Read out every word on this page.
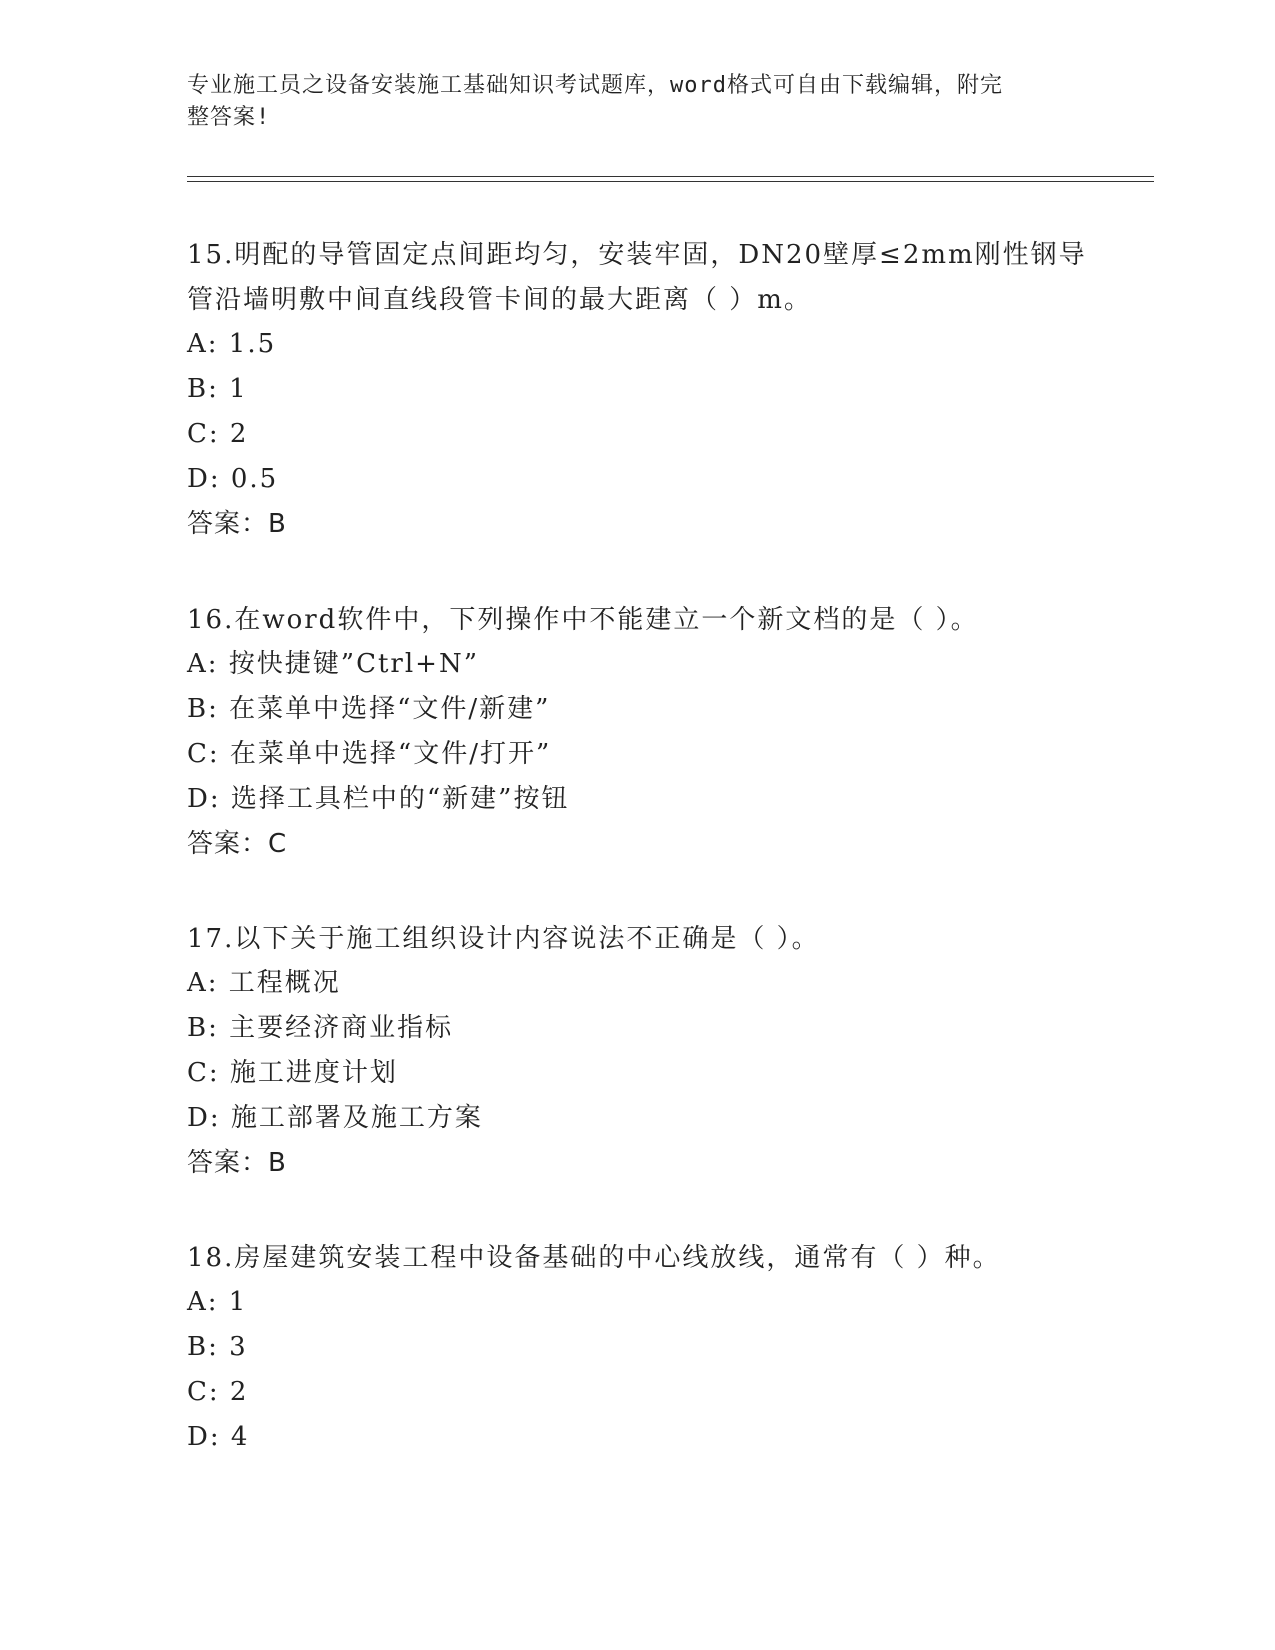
专业施工员之设备安装施工基础知识考试题库，word格式可自由下载编辑，附完
整答案!
15.明配的导管固定点间距均匀，安装牢固，DN20壁厚≤2mm刚性钢导
管沿墙明敷中间直线段管卡间的最大距离（ ）m。
A: 1.5
B: 1
C: 2
D: 0.5
答案：B
16.在word软件中，下列操作中不能建立一个新文档的是（ ）。
A: 按快捷键”Ctrl+N”
B: 在菜单中选择“文件/新建”
C: 在菜单中选择“文件/打开”
D: 选择工具栏中的“新建”按钮
答案：C
17.以下关于施工组织设计内容说法不正确是（ ）。
A: 工程概况
B: 主要经济商业指标
C: 施工进度计划
D: 施工部署及施工方案
答案：B
18.房屋建筑安装工程中设备基础的中心线放线，通常有（ ）种。
A: 1
B: 3
C: 2
D: 4
